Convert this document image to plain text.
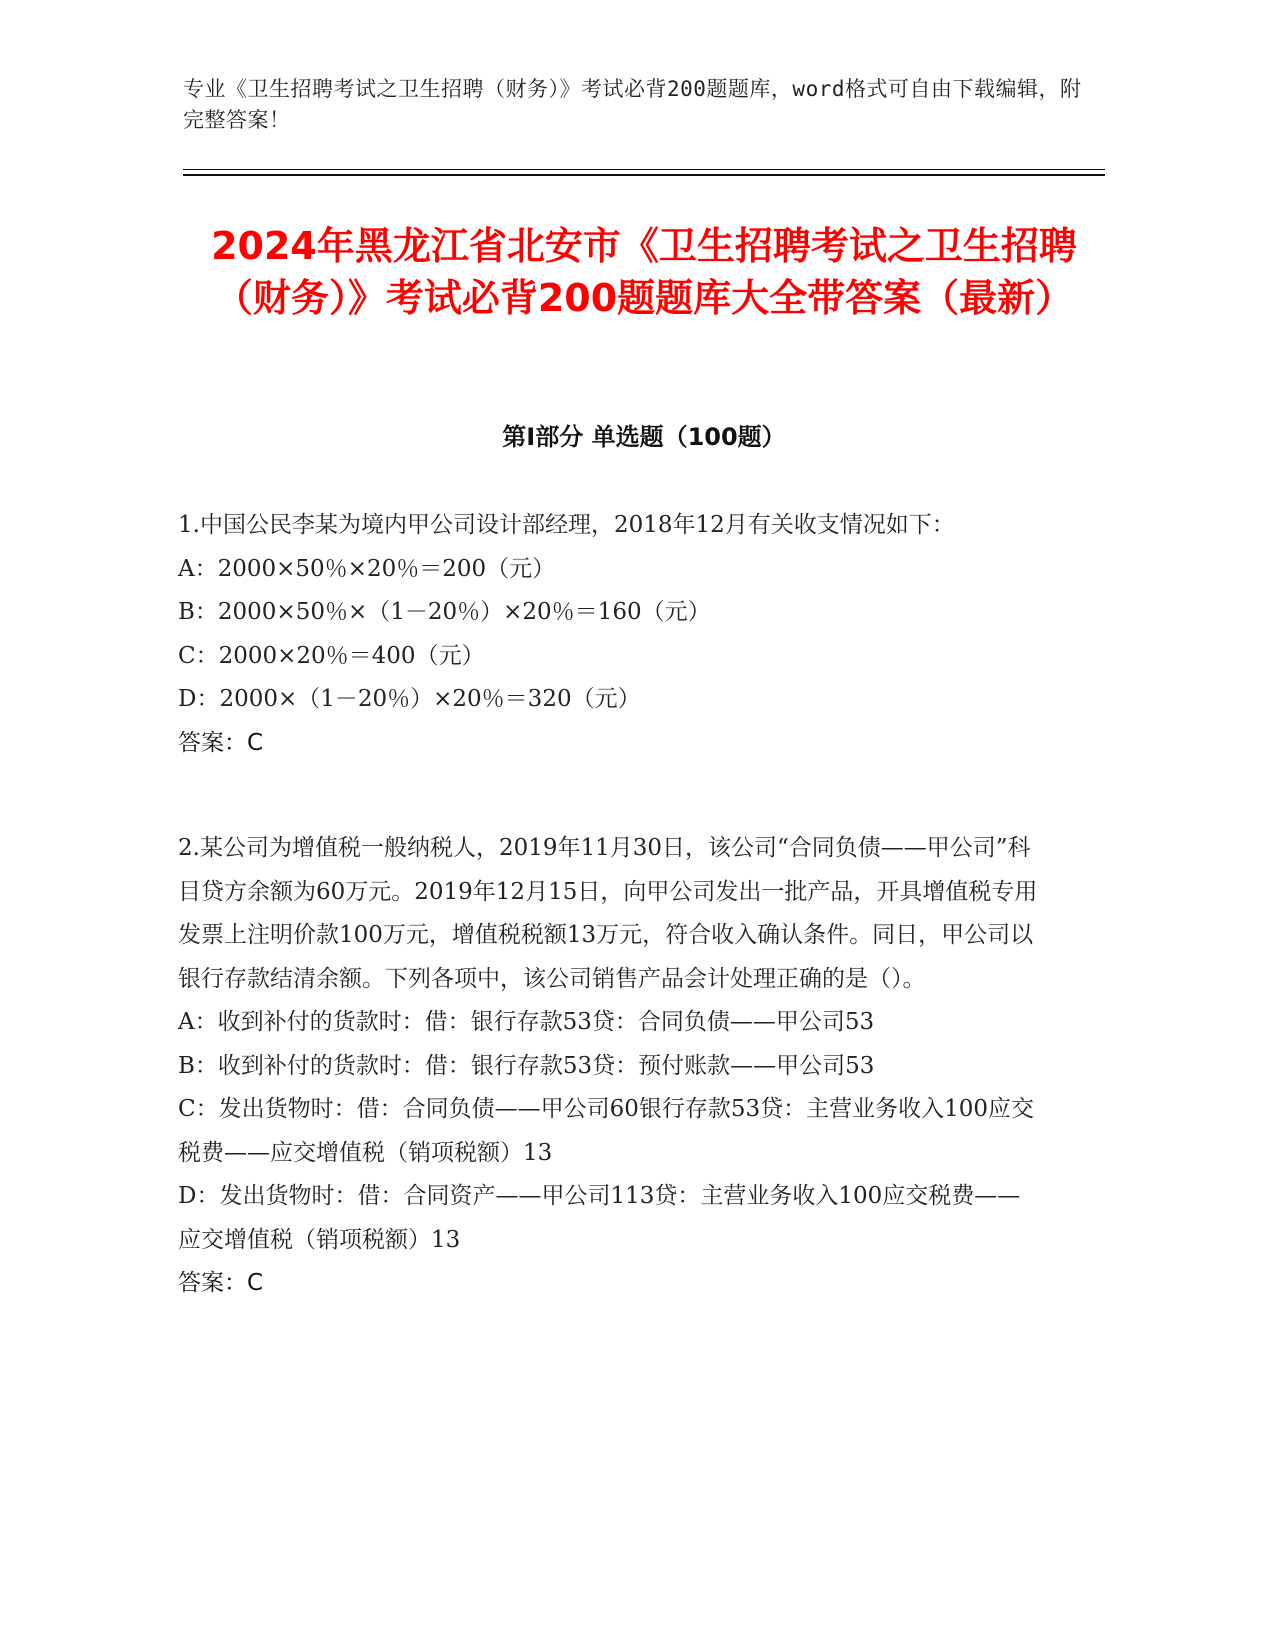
专业《卫生招聘考试之卫生招聘（财务）》考试必背200题题库，word格式可自由下载编辑，附完整答案！
2024年黑龙江省北安市《卫生招聘考试之卫生招聘（财务）》考试必背200题题库大全带答案（最新）
第I部分 单选题（100题）

1.中国公民李某为境内甲公司设计部经理，2018年12月有关收支情况如下：

A：2000×50％×20％＝200（元）

B：2000×50％×（1－20％）×20％＝160（元）

C：2000×20％＝400（元）

D：2000×（1－20％）×20％＝320（元）

答案：C

2.某公司为增值税一般纳税人，2019年11月30日，该公司“合同负债——甲公司”科目贷方余额为60万元。2019年12月15日，向甲公司发出一批产品，开具增值税专用发票上注明价款100万元，增值税税额13万元，符合收入确认条件。同日，甲公司以银行存款结清余额。下列各项中，该公司销售产品会计处理正确的是（）。

A：收到补付的货款时：借：银行存款53贷：合同负债——甲公司53

B：收到补付的货款时：借：银行存款53贷：预付账款——甲公司53

C：发出货物时：借：合同负债——甲公司60银行存款53贷：主营业务收入100应交税费——应交增值税（销项税额）13

D：发出货物时：借：合同资产——甲公司113贷：主营业务收入100应交税费——应交增值税（销项税额）13

答案：C
